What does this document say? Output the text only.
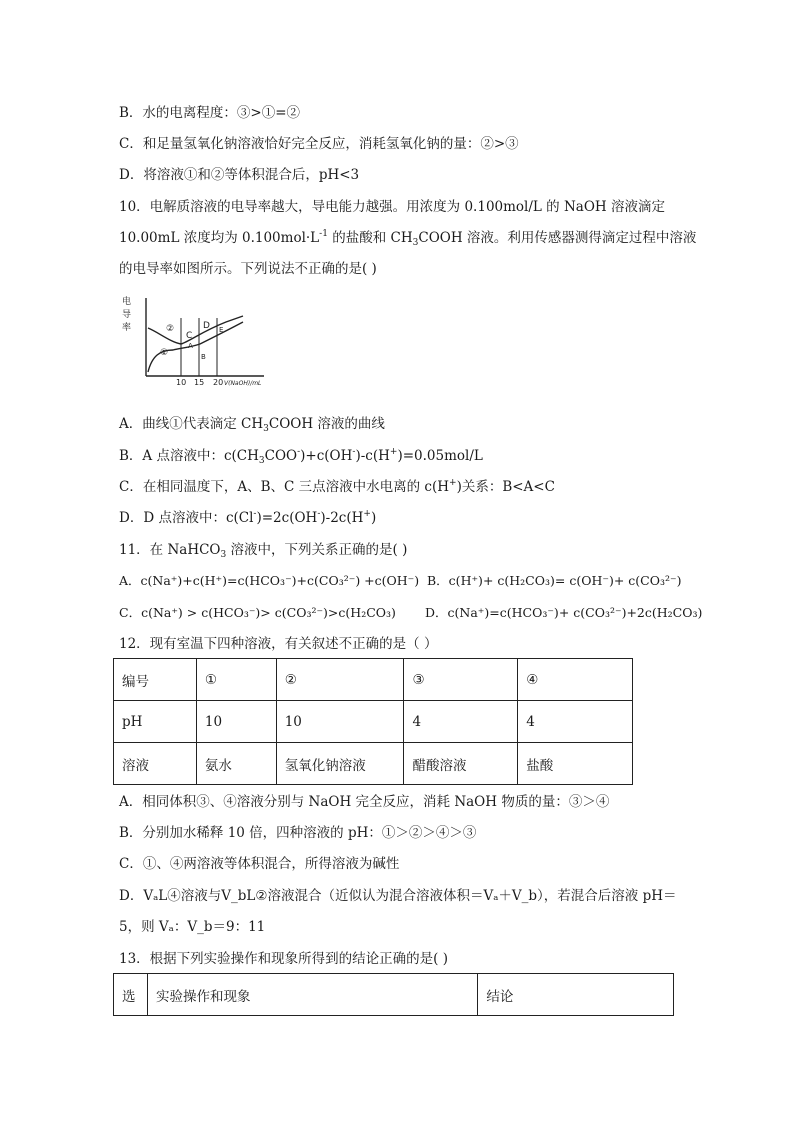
B．水的电离程度：③>①=②
C．和足量氢氧化钠溶液恰好完全反应，消耗氢氧化钠的量：②>③
D．将溶液①和②等体积混合后，pH<3
10．电解质溶液的电导率越大，导电能力越强。用浓度为 0.100mol/L 的 NaOH 溶液滴定
10.00mL 浓度均为 $0.100mol\cdot L^{-1}$ 的盐酸和 $CH_3COOH$ 溶液。利用传感器测得滴定过程中溶液
的电导率如图所示。下列说法不正确的是( )
电
导
率	②
①
C
A
D
B
E
10 15 20 V(NaOH)/mL
A．曲线①代表滴定 $CH_3COOH$ 溶液的曲线
B．A 点溶液中：$c(CH_3COO^-)+c(OH^-)-c(H^+)=0.05mol/L$
C．在相同温度下，A、B、C 三点溶液中水电离的 c(H+)关系：B<A<C
D．D 点溶液中：c(Cl-)=2c(OH-)-2c(H+)
11．在 NaHCO$_3$ 溶液中，下列关系正确的是( )
A．c(Na⁺)+c(H⁺)=c(HCO₃⁻)+c(CO₃²⁻) +c(OH⁻) B．c(H⁺)+ c(H₂CO₃)= c(OH⁻)+ c(CO₃²⁻)
C．c(Na⁺) > c(HCO₃⁻)> c(CO₃²⁻)>c(H₂CO₃) D．c(Na⁺)=c(HCO₃⁻)+ c(CO₃²⁻)+2c(H₂CO₃)
12．现有室温下四种溶液，有关叙述不正确的是（ ）
编号	①	②	③	④
pH	10	10	4	4
溶液	氨水	氢氧化钠溶液	醋酸溶液	盐酸
A．相同体积③、④溶液分别与 NaOH 完全反应，消耗 NaOH 物质的量：③＞④
B．分别加水稀释 10 倍，四种溶液的 pH：①＞②＞④＞③
C．①、④两溶液等体积混合，所得溶液为碱性
D．VₐL④溶液与V_bL②溶液混合（近似认为混合溶液体积＝Vₐ＋V_b），若混合后溶液 pH＝
5，则 Vₐ：V_b＝9：11
13．根据下列实验操作和现象所得到的结论正确的是( )
选	实验操作和现象	结论
